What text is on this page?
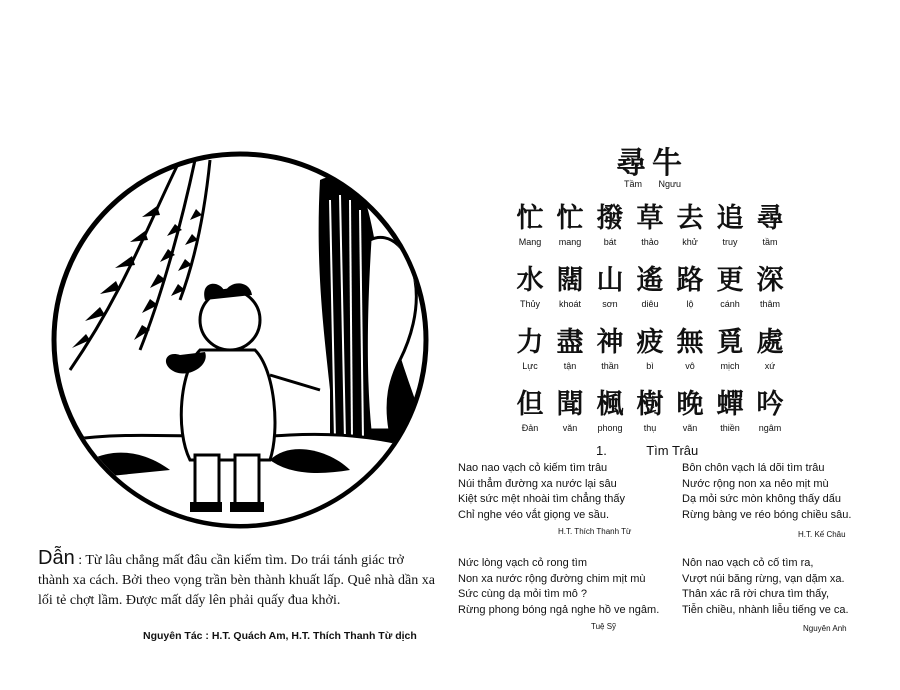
Dẫn : Từ lâu chẳng mất đâu cần kiếm tìm. Do trái tánh giác trở thành xa cách. Bởi theo vọng trần bèn thành khuất lấp. Quê nhà dần xa lối tẻ chợt lầm. Được mất dấy lên phải quấy đua khởi.
Nguyên Tác : H.T. Quách Am, H.T. Thích Thanh Từ dịch
尋牛
Tầm Ngưu
忙 忙 撥 草 去 追 尋
Mang	mang	bát	thảo	khử	truy	tầm
水 闊 山 遙 路 更 深
Thủy	khoát	sơn	diêu	lộ	cánh	thâm
力 盡 神 疲 無 覓 處
Lực	tận	thần	bì	vô	mịch	xứ
但 聞 楓 樹 晚 蟬 吟
Đản	văn	phong	thụ	vãn	thiền	ngâm
1.	Tìm Trâu
Nao nao vạch cỏ kiếm tìm trâu
Núi thẳm đường xa nước lại sâu
Kiệt sức mệt nhoài tìm chẳng thấy
Chỉ nghe véo vắt giọng ve sầu.
H.T. Thích Thanh Từ
Bôn chôn vạch lá dõi tìm trâu
Nước rộng non xa nẻo mịt mù
Dạ mỏi sức mòn không thấy dấu
Rừng bàng ve réo bóng chiều sâu.
H.T. Kế Châu
Nức lòng vạch cỏ rong tìm
Non xa nước rộng đường chim mịt mù
Sức cùng dạ mỏi tìm mô ?
Rừng phong bóng ngả nghe hồ ve ngâm.
Tuệ Sỹ
Nôn nao vạch cỏ cố tìm ra,
Vượt núi băng rừng, vạn dặm xa.
Thân xác rã rời chưa tìm thấy,
Tiễn chiều, nhành liễu tiếng ve ca.
Nguyên Anh
